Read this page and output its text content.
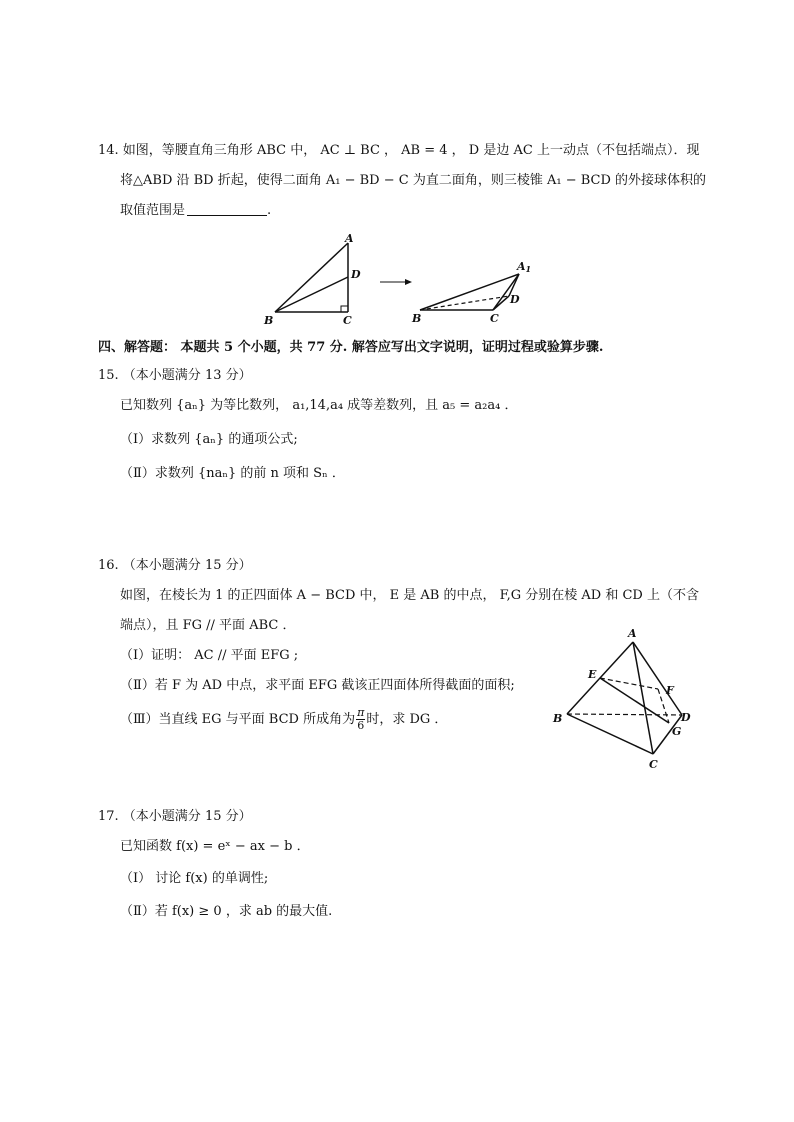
14. 如图，等腰直角三角形 ABC 中， AC ⊥ BC ， AB = 4 ， D 是边 AC 上一动点（不包括端点）．现
将△ABD 沿 BD 折起，使得二面角 A₁ − BD − C 为直二面角，则三棱锥 A₁ − BCD 的外接球体积的
取值范围是	.
A
D
B	C
A1
D
B	C
四、解答题： 本题共 5 个小题，共 77 分. 解答应写出文字说明，证明过程或验算步骤.
15. （本小题满分 13 分）
已知数列 {aₙ} 为等比数列， a₁,14,a₄ 成等差数列，且 a₅ = a₂a₄ ．
（Ⅰ）求数列 {aₙ} 的通项公式;
（Ⅱ）求数列 {naₙ} 的前 n 项和 Sₙ ．
16. （本小题满分 15 分）
如图，在棱长为 1 的正四面体 A − BCD 中， E 是 AB 的中点， F,G 分别在棱 AD 和 CD 上（不含
端点），且 FG // 平面 ABC ．
（Ⅰ）证明： AC // 平面 EFG ;
（Ⅱ）若 F 为 AD 中点，求平面 EFG 截该正四面体所得截面的面积;
（Ⅲ）当直线 EG 与平面 BCD 所成角为 $\frac{\pi}{6}$ 时，求 DG ．
A
E
F
B	D
G
C
17. （本小题满分 15 分）
已知函数 f(x) = eˣ − ax − b ．
（Ⅰ） 讨论 f(x) 的单调性;
（Ⅱ）若 f(x) ≥ 0 ，求 ab 的最大值.
